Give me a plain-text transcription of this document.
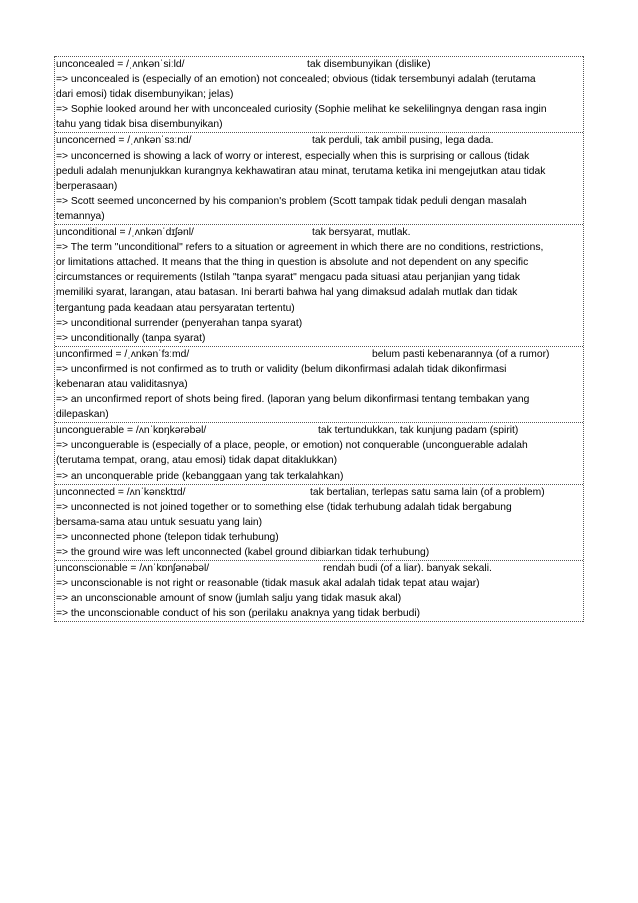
unconcealed = /ˌʌnkənˈsiːld/	tak disembunyikan (dislike)
=> unconcealed is (especially of an emotion) not concealed; obvious (tidak tersembunyi adalah (terutama
dari emosi) tidak disembunyikan; jelas)
=> Sophie looked around her with unconcealed curiosity (Sophie melihat ke sekelilingnya dengan rasa ingin
tahu yang tidak bisa disembunyikan)
unconcerned = /ˌʌnkənˈsɜːnd/	tak perduli, tak ambil pusing, lega dada.
=> unconcerned is showing a lack of worry or interest, especially when this is surprising or callous (tidak
peduli adalah menunjukkan kurangnya kekhawatiran atau minat, terutama ketika ini mengejutkan atau tidak
berperasaan)
=> Scott seemed unconcerned by his companion's problem (Scott tampak tidak peduli dengan masalah
temannya)
unconditional = /ˌʌnkənˈdɪʃənl/	tak bersyarat, mutlak.
=> The term "unconditional" refers to a situation or agreement in which there are no conditions, restrictions,
or limitations attached. It means that the thing in question is absolute and not dependent on any specific
circumstances or requirements (Istilah "tanpa syarat" mengacu pada situasi atau perjanjian yang tidak
memiliki syarat, larangan, atau batasan. Ini berarti bahwa hal yang dimaksud adalah mutlak dan tidak
tergantung pada keadaan atau persyaratan tertentu)
=> unconditional surrender (penyerahan tanpa syarat)
=> unconditionally (tanpa syarat)
unconfirmed = /ˌʌnkənˈfɜːmd/	belum pasti kebenarannya (of a rumor)
=> unconfirmed is not confirmed as to truth or validity (belum dikonfirmasi adalah tidak dikonfirmasi
kebenaran atau validitasnya)
=> an unconfirmed report of shots being fired. (laporan yang belum dikonfirmasi tentang tembakan yang
dilepaskan)
unconguerable = /ʌnˈkɒŋkərəbəl/	tak tertundukkan, tak kunjung padam (spirit)
=> unconguerable is (especially of a place, people, or emotion) not conquerable (unconguerable adalah
(terutama tempat, orang, atau emosi) tidak dapat ditaklukkan)
=> an unconquerable pride (kebanggaan yang tak terkalahkan)
unconnected = /ʌnˈkənɛktɪd/	tak bertalian, terlepas satu sama lain (of a problem)
=> unconnected is not joined together or to something else (tidak terhubung adalah tidak bergabung
bersama-sama atau untuk sesuatu yang lain)
=> unconnected phone (telepon tidak terhubung)
=> the ground wire was left unconnected (kabel ground dibiarkan tidak terhubung)
unconscionable = /ʌnˈkɒnʃənəbəl/	rendah budi (of a liar). banyak sekali.
=> unconscionable is not right or reasonable (tidak masuk akal adalah tidak tepat atau wajar)
=> an unconscionable amount of snow (jumlah salju yang tidak masuk akal)
=> the unconscionable conduct of his son (perilaku anaknya yang tidak berbudi)
